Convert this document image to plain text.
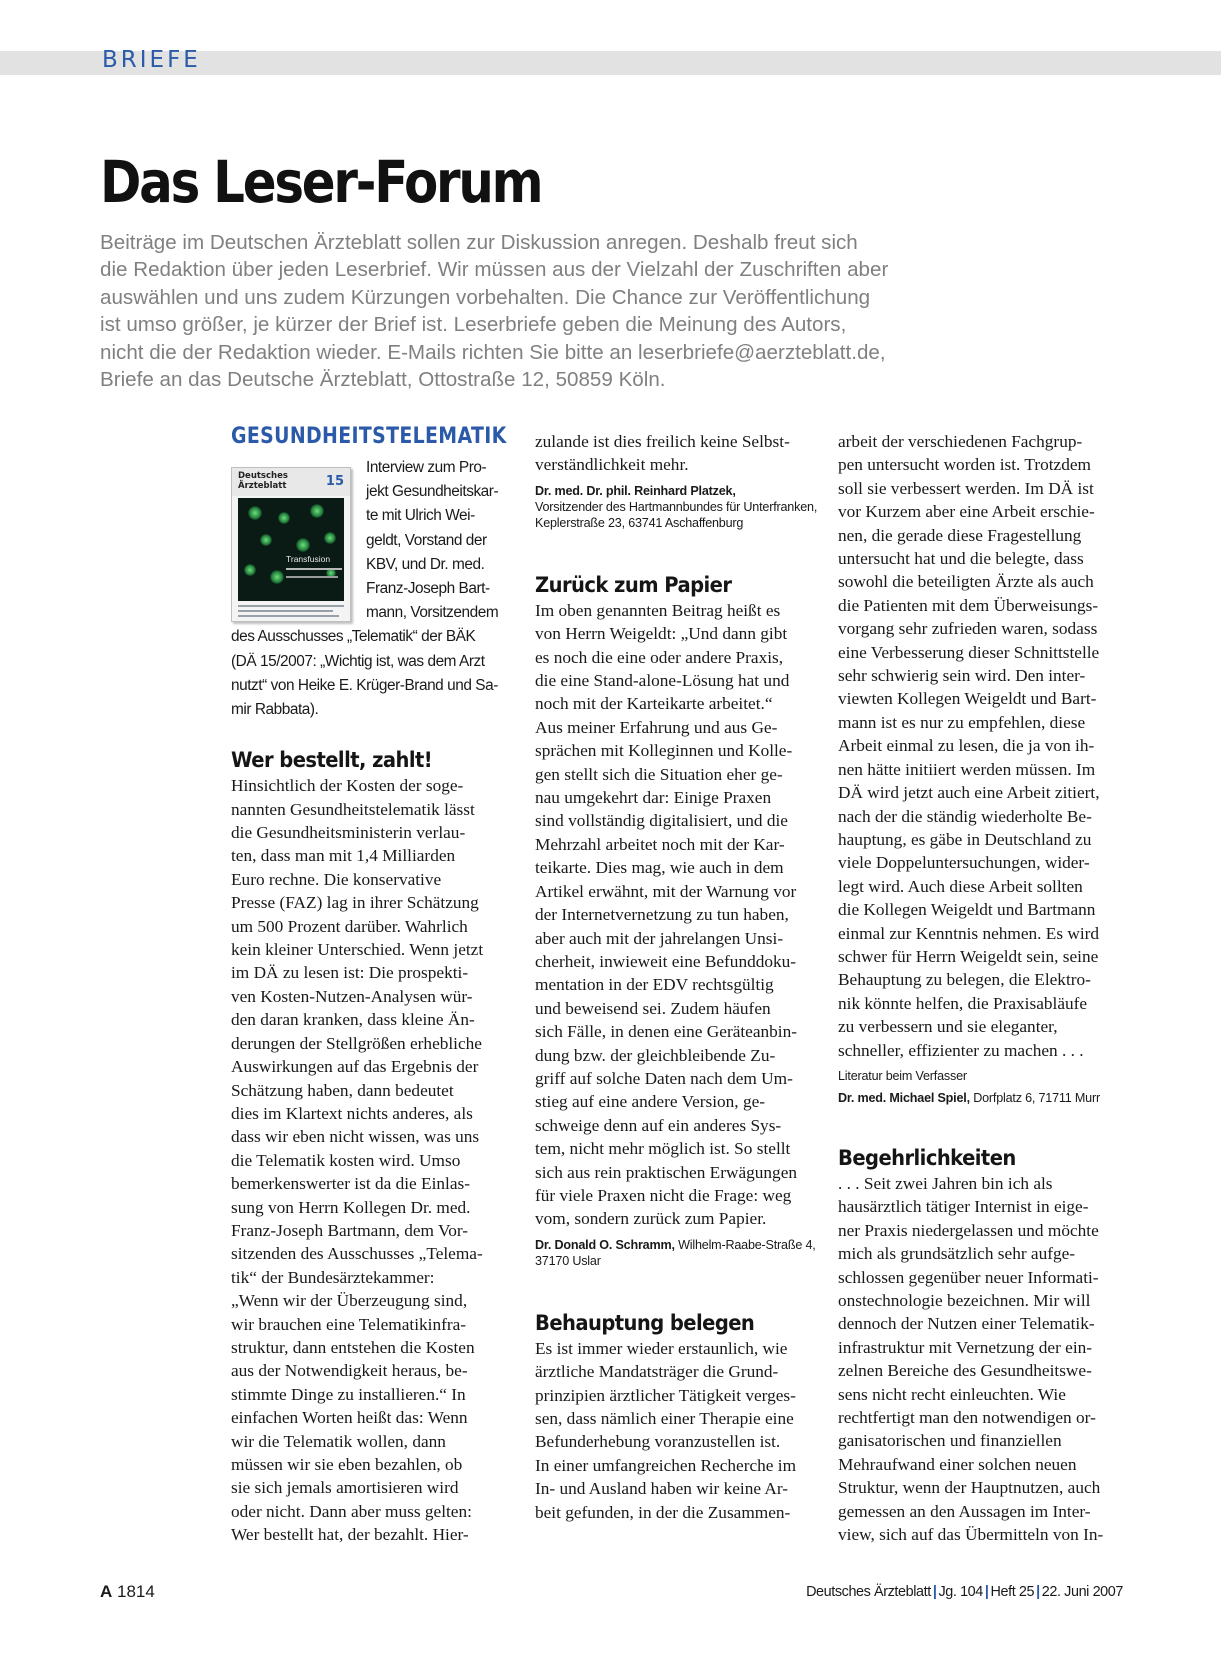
BRIEFE
Das Leser-Forum
Beiträge im Deutschen Ärzteblatt sollen zur Diskussion anregen. Deshalb freut sich
die Redaktion über jeden Leserbrief. Wir müssen aus der Vielzahl der Zuschriften aber
auswählen und uns zudem Kürzungen vorbehalten. Die Chance zur Veröffentlichung
ist umso größer, je kürzer der Brief ist. Leserbriefe geben die Meinung des Autors,
nicht die der Redaktion wieder. E-Mails richten Sie bitte an leserbriefe@aerzteblatt.de,
Briefe an das Deutsche Ärzteblatt, Ottostraße 12, 50859 Köln.
GESUNDHEITSTELEMATIK
Interview zum Pro-
jekt Gesundheitskar-
te mit Ulrich Wei-
geldt, Vorstand der
KBV, und Dr. med.
Franz-Joseph Bart-
mann, Vorsitzendem
des Ausschusses „Telematik“ der BÄK
(DÄ 15/2007: „Wichtig ist, was dem Arzt
nutzt“ von Heike E. Krüger-Brand und Sa-
mir Rabbata).
Wer bestellt, zahlt!
Hinsichtlich der Kosten der soge-
nannten Gesundheitstelematik lässt
die Gesundheitsministerin verlau-
ten, dass man mit 1,4 Milliarden
Euro rechne. Die konservative
Presse (FAZ) lag in ihrer Schätzung
um 500 Prozent darüber. Wahrlich
kein kleiner Unterschied. Wenn jetzt
im DÄ zu lesen ist: Die prospekti-
ven Kosten-Nutzen-Analysen wür-
den daran kranken, dass kleine Än-
derungen der Stellgrößen erhebliche
Auswirkungen auf das Ergebnis der
Schätzung haben, dann bedeutet
dies im Klartext nichts anderes, als
dass wir eben nicht wissen, was uns
die Telematik kosten wird. Umso
bemerkenswerter ist da die Einlas-
sung von Herrn Kollegen Dr. med.
Franz-Joseph Bartmann, dem Vor-
sitzenden des Ausschusses „Telema-
tik“ der Bundesärztekammer:
„Wenn wir der Überzeugung sind,
wir brauchen eine Telematikinfra-
struktur, dann entstehen die Kosten
aus der Notwendigkeit heraus, be-
stimmte Dinge zu installieren.“ In
einfachen Worten heißt das: Wenn
wir die Telematik wollen, dann
müssen wir sie eben bezahlen, ob
sie sich jemals amortisieren wird
oder nicht. Dann aber muss gelten:
Wer bestellt hat, der bezahlt. Hier-
Deutsches
Ärzteblatt	15
Transfusion
zulande ist dies freilich keine Selbst-
verständlichkeit mehr.
Dr. med. Dr. phil. Reinhard Platzek,
Vorsitzender des Hartmannbundes für Unterfranken,
Keplerstraße 23, 63741 Aschaffenburg
Zurück zum Papier
Im oben genannten Beitrag heißt es
von Herrn Weigeldt: „Und dann gibt
es noch die eine oder andere Praxis,
die eine Stand-alone-Lösung hat und
noch mit der Karteikarte arbeitet.“
Aus meiner Erfahrung und aus Ge-
sprächen mit Kolleginnen und Kolle-
gen stellt sich die Situation eher ge-
nau umgekehrt dar: Einige Praxen
sind vollständig digitalisiert, und die
Mehrzahl arbeitet noch mit der Kar-
teikarte. Dies mag, wie auch in dem
Artikel erwähnt, mit der Warnung vor
der Internetvernetzung zu tun haben,
aber auch mit der jahrelangen Unsi-
cherheit, inwieweit eine Befunddoku-
mentation in der EDV rechtsgültig
und beweisend sei. Zudem häufen
sich Fälle, in denen eine Geräteanbin-
dung bzw. der gleichbleibende Zu-
griff auf solche Daten nach dem Um-
stieg auf eine andere Version, ge-
schweige denn auf ein anderes Sys-
tem, nicht mehr möglich ist. So stellt
sich aus rein praktischen Erwägungen
für viele Praxen nicht die Frage: weg
vom, sondern zurück zum Papier.
Dr. Donald O. Schramm, Wilhelm-Raabe-Straße 4,
37170 Uslar
Behauptung belegen
Es ist immer wieder erstaunlich, wie
ärztliche Mandatsträger die Grund-
prinzipien ärztlicher Tätigkeit verges-
sen, dass nämlich einer Therapie eine
Befunderhebung voranzustellen ist.
In einer umfangreichen Recherche im
In- und Ausland haben wir keine Ar-
beit gefunden, in der die Zusammen-
arbeit der verschiedenen Fachgrup-
pen untersucht worden ist. Trotzdem
soll sie verbessert werden. Im DÄ ist
vor Kurzem aber eine Arbeit erschie-
nen, die gerade diese Fragestellung
untersucht hat und die belegte, dass
sowohl die beteiligten Ärzte als auch
die Patienten mit dem Überweisungs-
vorgang sehr zufrieden waren, sodass
eine Verbesserung dieser Schnittstelle
sehr schwierig sein wird. Den inter-
viewten Kollegen Weigeldt und Bart-
mann ist es nur zu empfehlen, diese
Arbeit einmal zu lesen, die ja von ih-
nen hätte initiiert werden müssen. Im
DÄ wird jetzt auch eine Arbeit zitiert,
nach der die ständig wiederholte Be-
hauptung, es gäbe in Deutschland zu
viele Doppeluntersuchungen, wider-
legt wird. Auch diese Arbeit sollten
die Kollegen Weigeldt und Bartmann
einmal zur Kenntnis nehmen. Es wird
schwer für Herrn Weigeldt sein, seine
Behauptung zu belegen, die Elektro-
nik könnte helfen, die Praxisabläufe
zu verbessern und sie eleganter,
schneller, effizienter zu machen . . .
Literatur beim Verfasser
Dr. med. Michael Spiel, Dorfplatz 6, 71711 Murr
Begehrlichkeiten
. . . Seit zwei Jahren bin ich als
hausärztlich tätiger Internist in eige-
ner Praxis niedergelassen und möchte
mich als grundsätzlich sehr aufge-
schlossen gegenüber neuer Informati-
onstechnologie bezeichnen. Mir will
dennoch der Nutzen einer Telematik-
infrastruktur mit Vernetzung der ein-
zelnen Bereiche des Gesundheitswe-
sens nicht recht einleuchten. Wie
rechtfertigt man den notwendigen or-
ganisatorischen und finanziellen
Mehraufwand einer solchen neuen
Struktur, wenn der Hauptnutzen, auch
gemessen an den Aussagen im Inter-
view, sich auf das Übermitteln von In-
A 1814	Deutsches Ärzteblatt | Jg. 104 | Heft 25 | 22. Juni 2007
